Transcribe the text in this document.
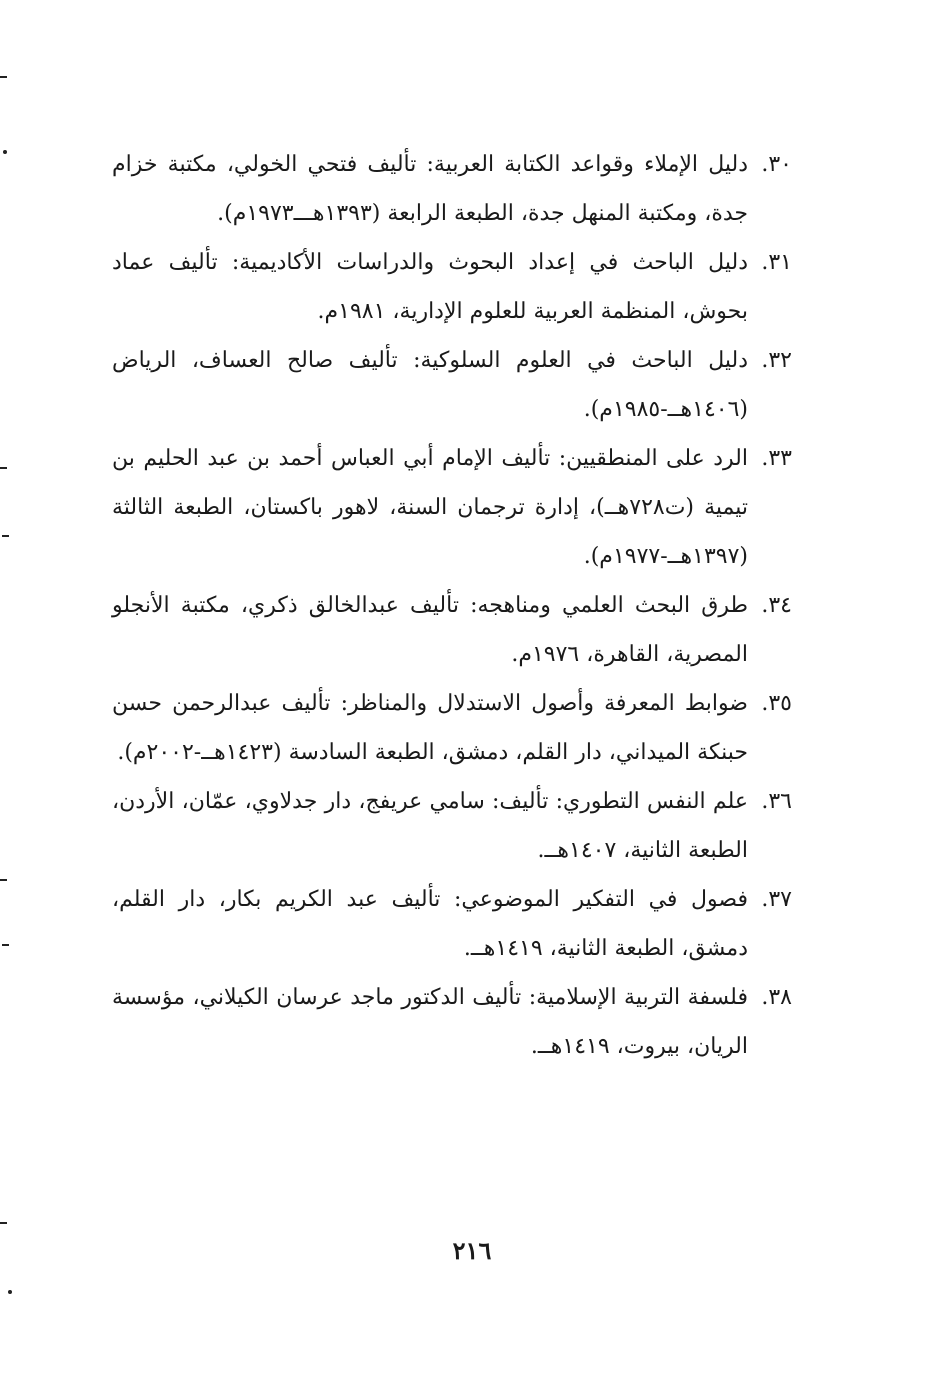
٣٠.
دليل الإملاء وقواعد الكتابة العربية: تأليف فتحي الخولي، مكتبة خزام جدة، ومكتبة المنهل جدة، الطبعة الرابعة (١٣٩٣هـــ١٩٧٣م).
٣١.
دليل الباحث في إعداد البحوث والدراسات الأكاديمية: تأليف عماد بحوش، المنظمة العربية للعلوم الإدارية، ١٩٨١م.
٣٢.
دليل الباحث في العلوم السلوكية: تأليف صالح العساف، الرياض (١٤٠٦هــ-١٩٨٥م).
٣٣.
الرد على المنطقيين: تأليف الإمام أبي العباس أحمد بن عبد الحليم بن تيمية (ت٧٢٨هــ)، إدارة ترجمان السنة، لاهور باكستان، الطبعة الثالثة (١٣٩٧هــ-١٩٧٧م).
٣٤.
طرق البحث العلمي ومناهجه: تأليف عبدالخالق ذكري، مكتبة الأنجلو المصرية، القاهرة، ١٩٧٦م.
٣٥.
ضوابط المعرفة وأصول الاستدلال والمناظر: تأليف عبدالرحمن حسن حبنكة الميداني، دار القلم، دمشق، الطبعة السادسة (١٤٢٣هــ-٢٠٠٢م).
٣٦.
علم النفس التطوري: تأليف: سامي عريفج، دار جدلاوي، عمّان، الأردن، الطبعة الثانية، ١٤٠٧هــ.
٣٧.
فصول في التفكير الموضوعي: تأليف عبد الكريم بكار، دار القلم، دمشق، الطبعة الثانية، ١٤١٩هــ.
٣٨.
فلسفة التربية الإسلامية: تأليف الدكتور ماجد عرسان الكيلاني، مؤسسة الريان، بيروت، ١٤١٩هــ.
٢١٦
